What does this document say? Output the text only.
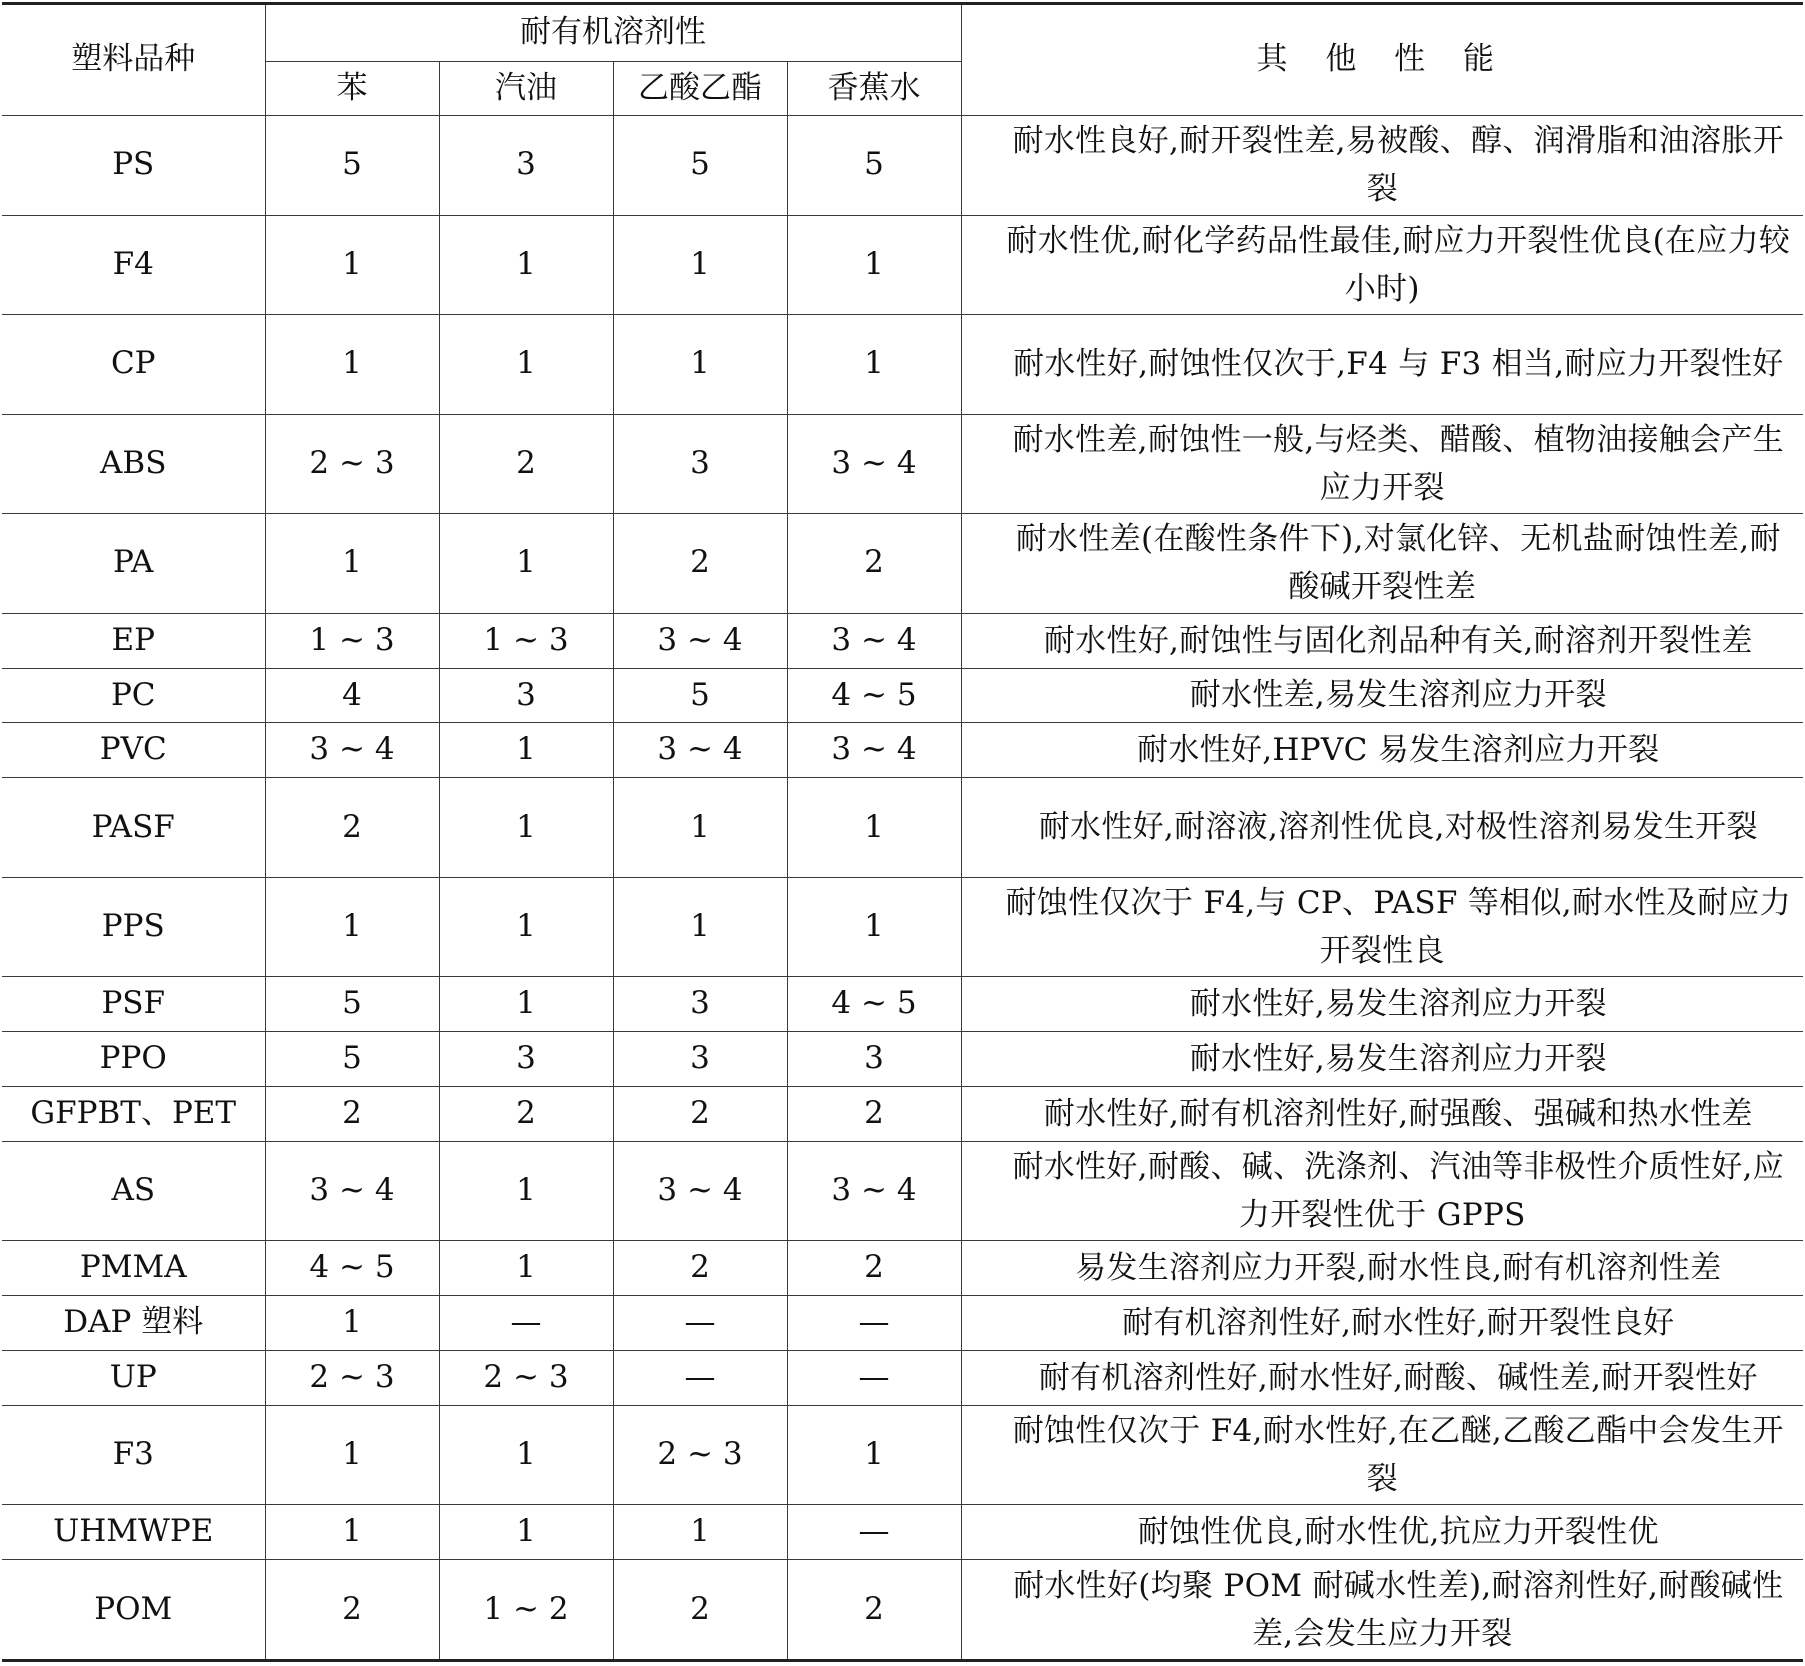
塑料品种	耐有机溶剂性				其 他 性 能
	苯	汽油	乙酸乙酯	香蕉水	
PS	5	3	5	5	耐水性良好,耐开裂性差,易被酸、醇、润滑脂和油溶胀开裂
F4	1	1	1	1	耐水性优,耐化学药品性最佳,耐应力开裂性优良(在应力较小时)
CP	1	1	1	1	耐水性好,耐蚀性仅次于,F4 与 F3 相当,耐应力开裂性好
ABS	2 ~ 3	2	3	3 ~ 4	耐水性差,耐蚀性一般,与烃类、醋酸、植物油接触会产生应力开裂
PA	1	1	2	2	耐水性差(在酸性条件下),对氯化锌、无机盐耐蚀性差,耐酸碱开裂性差
EP	1 ~ 3	1 ~ 3	3 ~ 4	3 ~ 4	耐水性好,耐蚀性与固化剂品种有关,耐溶剂开裂性差
PC	4	3	5	4 ~ 5	耐水性差,易发生溶剂应力开裂
PVC	3 ~ 4	1	3 ~ 4	3 ~ 4	耐水性好,HPVC 易发生溶剂应力开裂
PASF	2	1	1	1	耐水性好,耐溶液,溶剂性优良,对极性溶剂易发生开裂
PPS	1	1	1	1	耐蚀性仅次于 F4,与 CP、PASF 等相似,耐水性及耐应力开裂性良
PSF	5	1	3	4 ~ 5	耐水性好,易发生溶剂应力开裂
PPO	5	3	3	3	耐水性好,易发生溶剂应力开裂
GFPBT、PET	2	2	2	2	耐水性好,耐有机溶剂性好,耐强酸、强碱和热水性差
AS	3 ~ 4	1	3 ~ 4	3 ~ 4	耐水性好,耐酸、碱、洗涤剂、汽油等非极性介质性好,应力开裂性优于 GPPS
PMMA	4 ~ 5	1	2	2	易发生溶剂应力开裂,耐水性良,耐有机溶剂性差
DAP 塑料	1	—	—	—	耐有机溶剂性好,耐水性好,耐开裂性良好
UP	2 ~ 3	2 ~ 3	—	—	耐有机溶剂性好,耐水性好,耐酸、碱性差,耐开裂性好
F3	1	1	2 ~ 3	1	耐蚀性仅次于 F4,耐水性好,在乙醚,乙酸乙酯中会发生开裂
UHMWPE	1	1	1	—	耐蚀性优良,耐水性优,抗应力开裂性优
POM	2	1 ~ 2	2	2	耐水性好(均聚 POM 耐碱水性差),耐溶剂性好,耐酸碱性差,会发生应力开裂
